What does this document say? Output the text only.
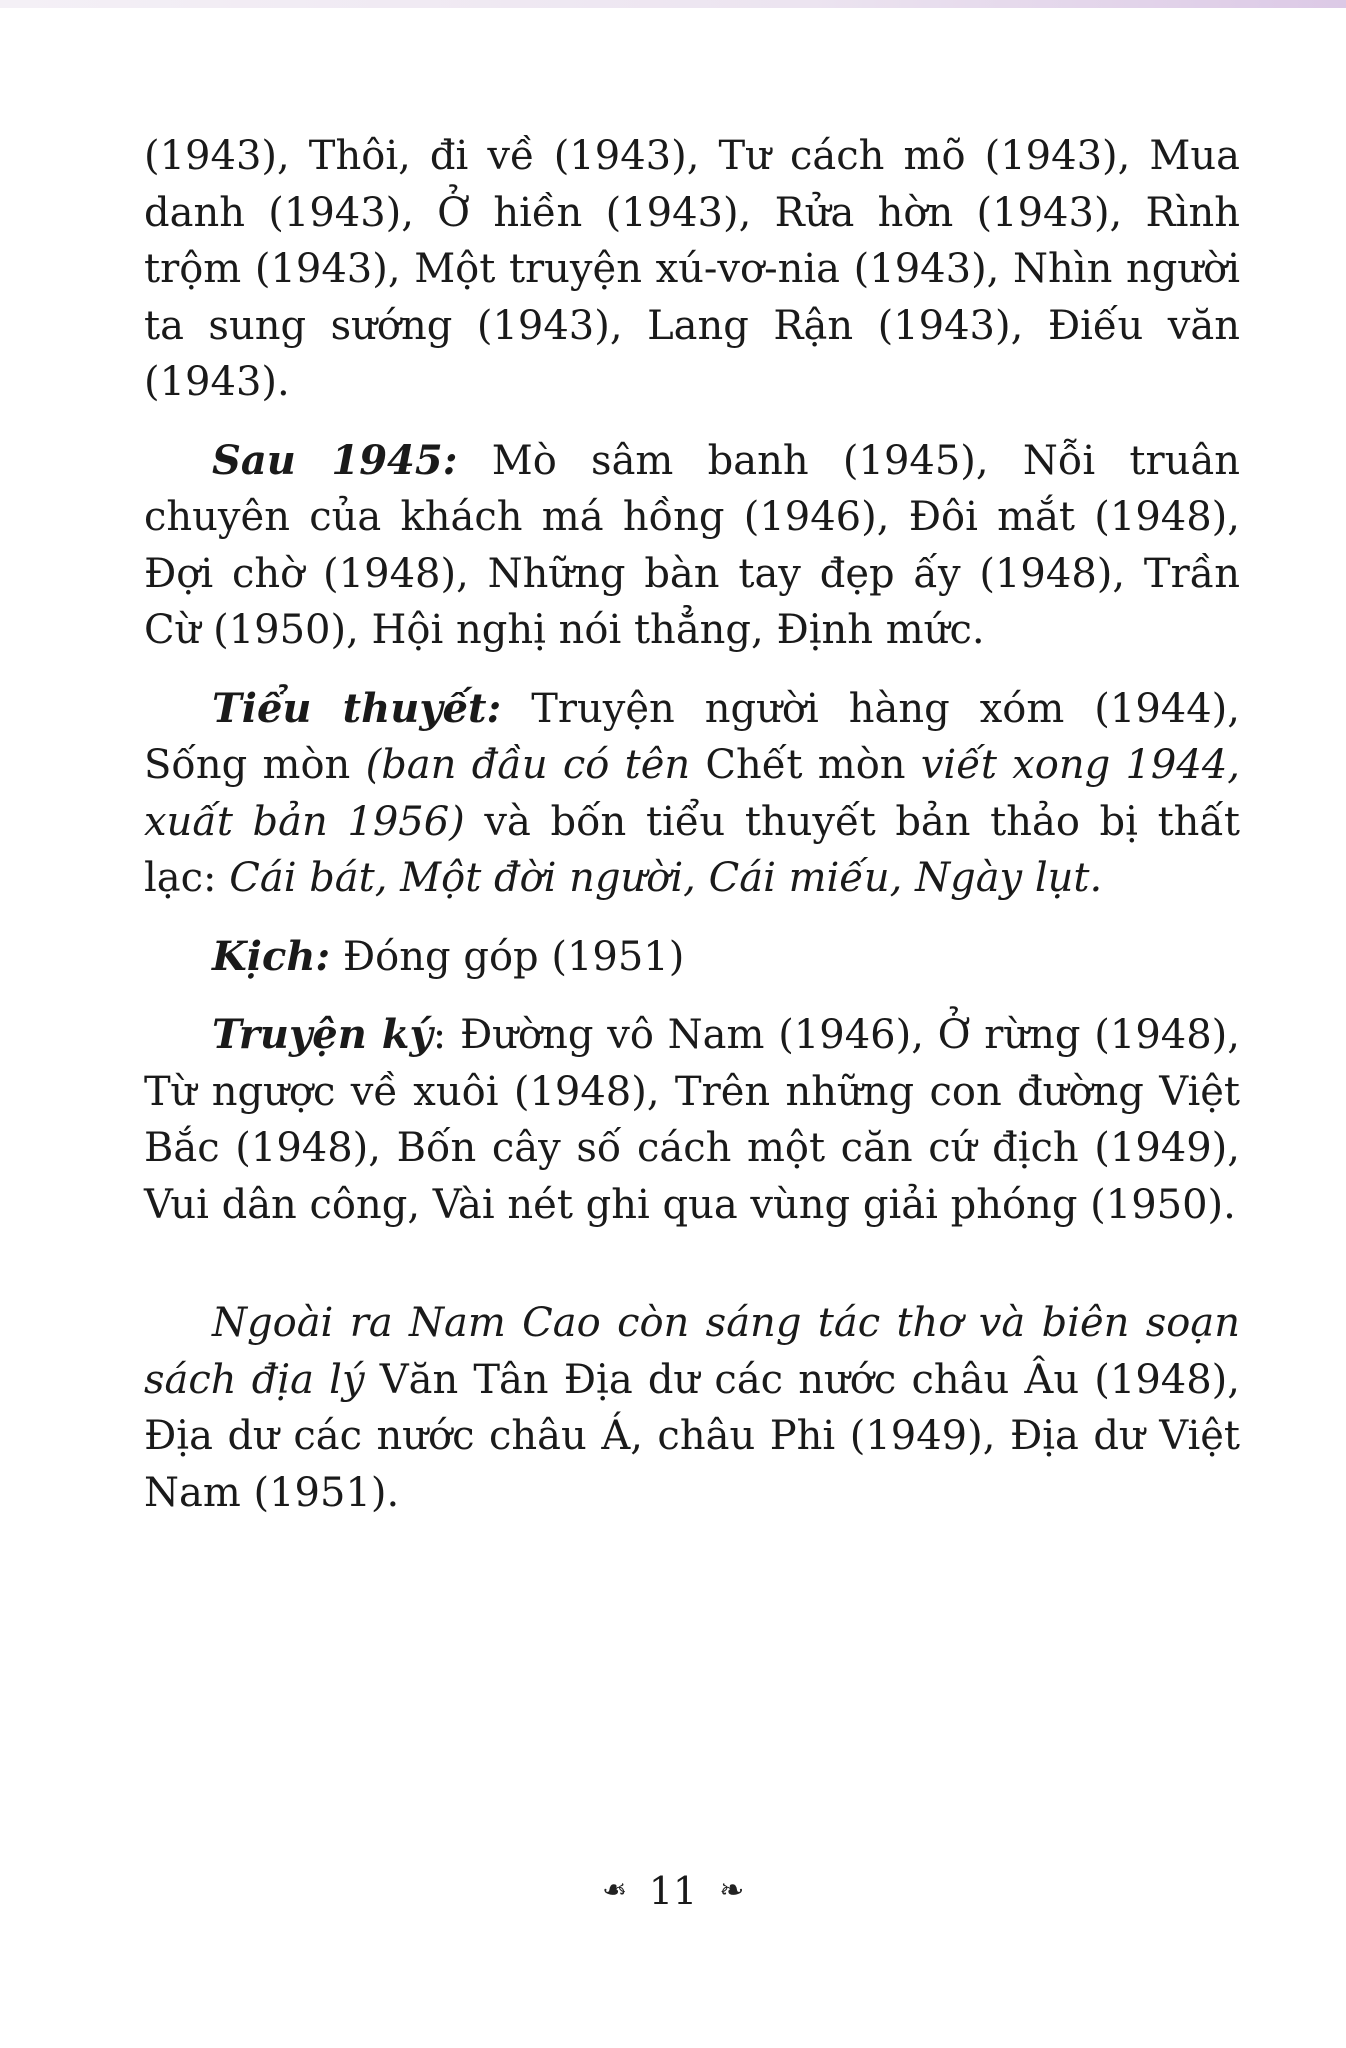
(1943), Thôi, đi về (1943), Tư cách mõ (1943), Mua danh (1943), Ở hiền (1943), Rửa hờn (1943), Rình trộm (1943), Một truyện xú-vơ-nia (1943), Nhìn người ta sung sướng (1943), Lang Rận (1943), Điếu văn (1943).

Sau 1945: Mò sâm banh (1945), Nỗi truân chuyên của khách má hồng (1946), Đôi mắt (1948), Đợi chờ (1948), Những bàn tay đẹp ấy (1948), Trần Cừ (1950), Hội nghị nói thẳng, Định mức.

Tiểu thuyết: Truyện người hàng xóm (1944), Sống mòn (ban đầu có tên Chết mòn viết xong 1944, xuất bản 1956) và bốn tiểu thuyết bản thảo bị thất lạc: Cái bát, Một đời người, Cái miếu, Ngày lụt.

Kịch: Đóng góp (1951)

Truyện ký: Đường vô Nam (1946), Ở rừng (1948), Từ ngược về xuôi (1948), Trên những con đường Việt Bắc (1948), Bốn cây số cách một căn cứ địch (1949), Vui dân công, Vài nét ghi qua vùng giải phóng (1950).

Ngoài ra Nam Cao còn sáng tác thơ và biên soạn sách địa lý Văn Tân Địa dư các nước châu Âu (1948), Địa dư các nước châu Á, châu Phi (1949), Địa dư Việt Nam (1951).

❧ 11 ❧
